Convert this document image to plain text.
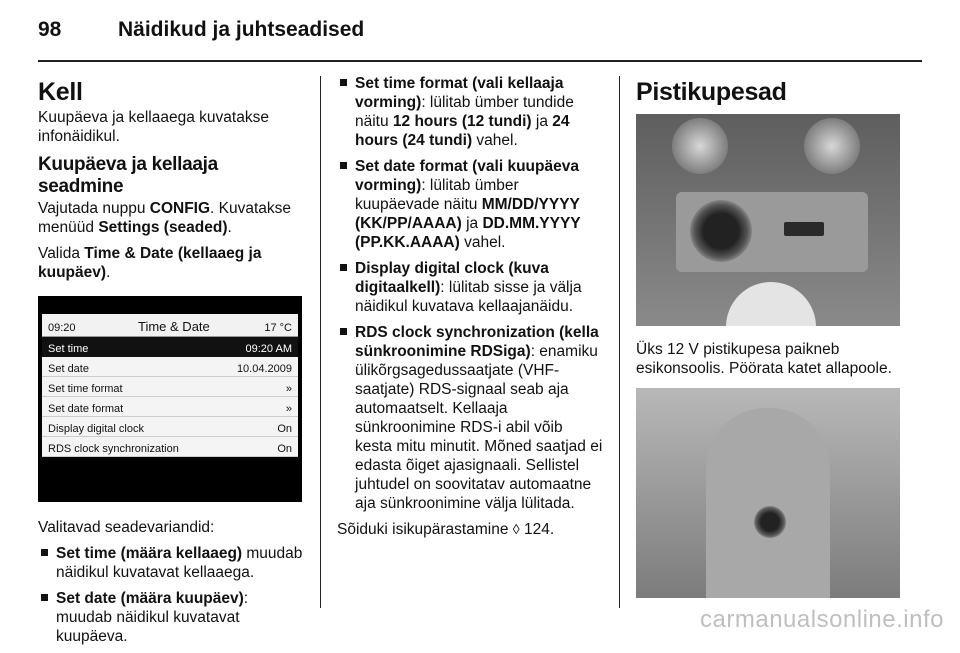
98	Näidikud ja juhtseadised
Kell

Kuupäeva ja kellaaega kuvatakse infonäidikul.

Kuupäeva ja kellaaja seadmine

Vajutada nuppu CONFIG. Kuvatakse menüüd Settings (seaded).

Valida Time & Date (kellaaeg ja kuupäev).

09:20	Time & Date	17 °C
Set time	09:20 AM
Set date	10.04.2009
Set time format	»
Set date format	»
Display digital clock	On
RDS clock synchronization	On

Valitavad seadevariandid:

Set time (määra kellaaeg) muudab näidikul kuvatavat kellaaega.
Set date (määra kuupäev): muudab näidikul kuvatavat kuupäeva.
Set time format (vali kellaaja vorming): lülitab ümber tundide näitu 12 hours (12 tundi) ja 24 hours (24 tundi) vahel.
Set date format (vali kuupäeva vorming): lülitab ümber kuupäevade näitu MM/DD/YYYY (KK/PP/AAAA) ja DD.MM.YYYY (PP.KK.AAAA) vahel.
Display digital clock (kuva digitaalkell): lülitab sisse ja välja näidikul kuvatava kellaajanäidu.
RDS clock synchronization (kella sünkroonimine RDSiga): enamiku ülikõrgsagedussaatjate (VHF-saatjate) RDS-signaal seab aja automaatselt. Kellaaja sünkroonimine RDS-i abil võib kesta mitu minutit. Mõned saatjad ei edasta õiget ajasignaali. Sellistel juhtudel on soovitatav automaatne aja sünkroonimine välja lülitada.

Sõiduki isikupärastamine ◊ 124.

Pistikupesad

Üks 12 V pistikupesa paikneb esikonsoolis. Pöörata katet allapoole.

carmanualsonline.info
